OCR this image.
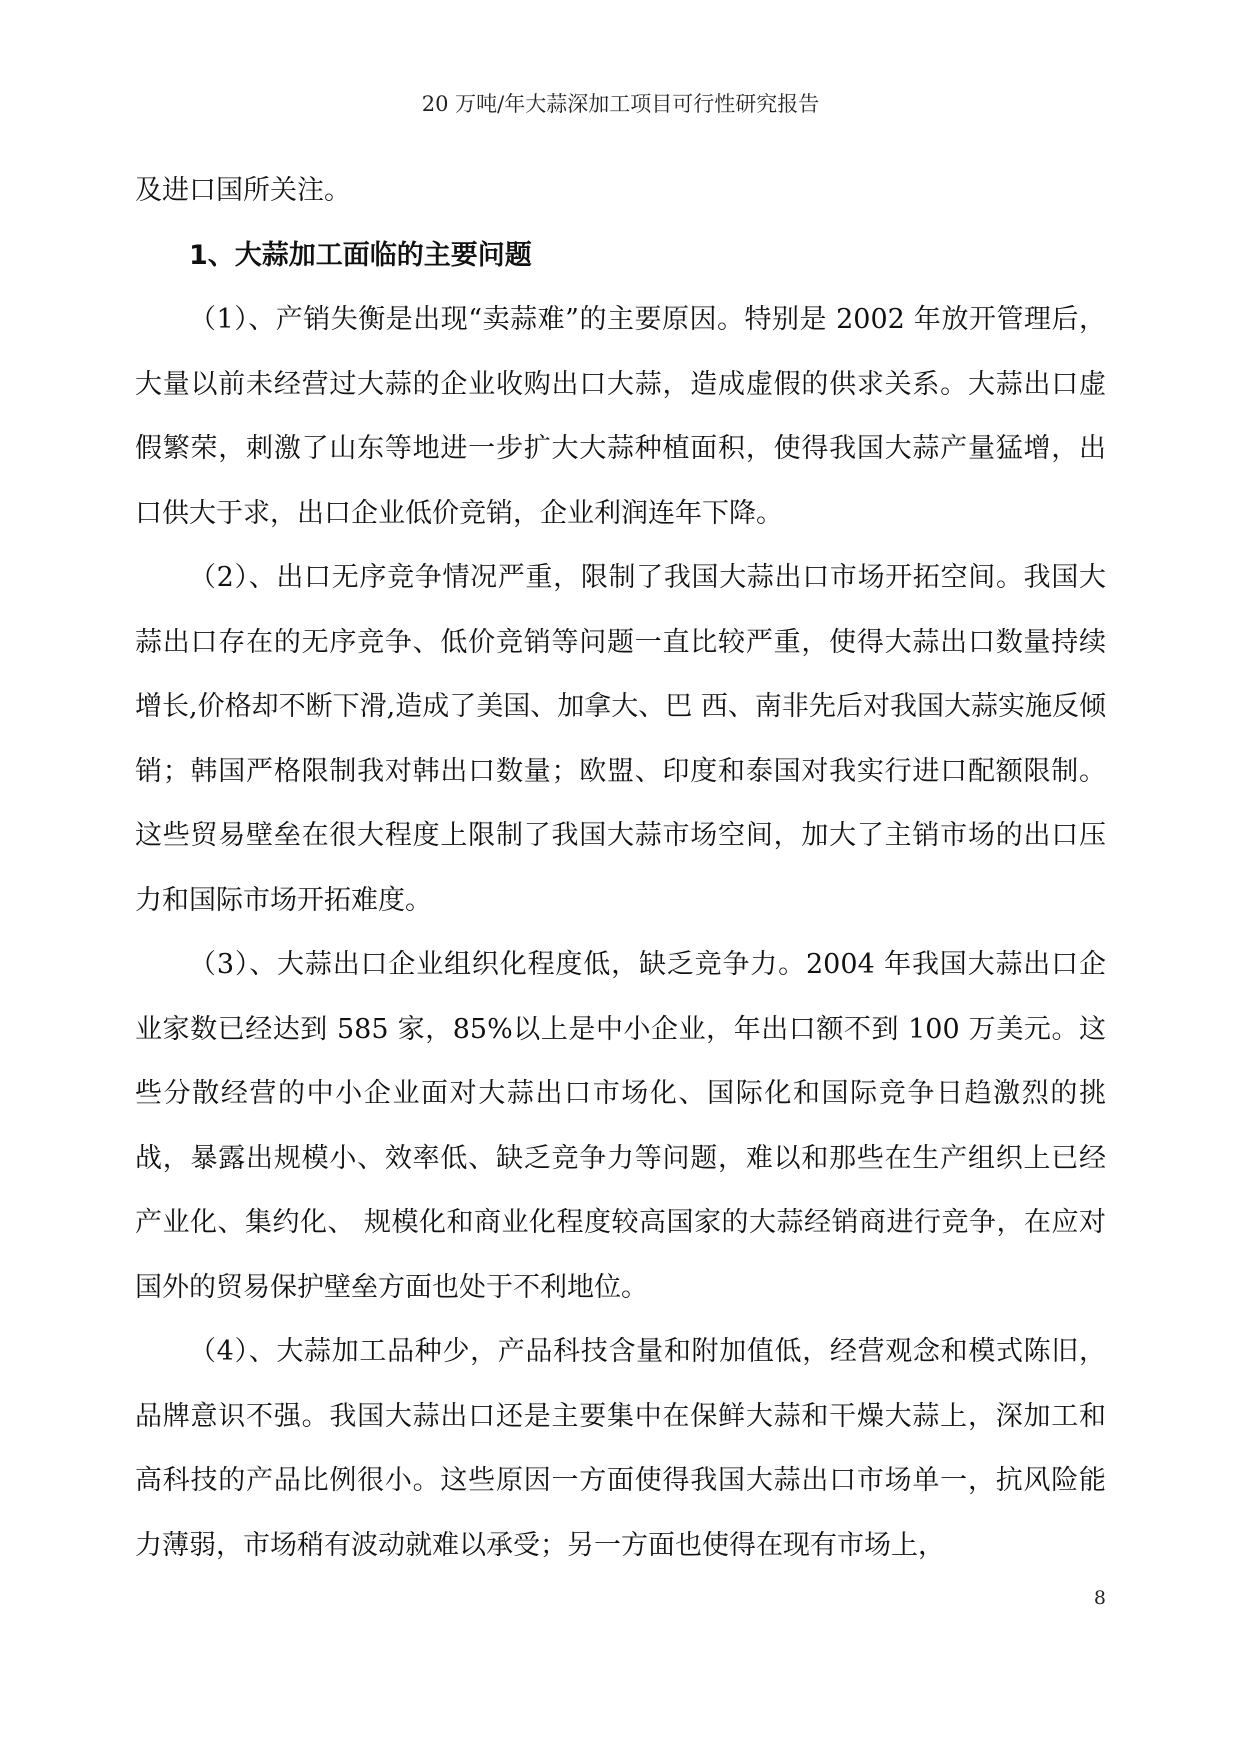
20 万吨/年大蒜深加工项目可行性研究报告

及进口国所关注。

1、大蒜加工面临的主要问题

（1）、产销失衡是出现“卖蒜难”的主要原因。特别是 2002 年放开管理后，大量以前未经营过大蒜的企业收购出口大蒜，造成虚假的供求关系。大蒜出口虚假繁荣，刺激了山东等地进一步扩大大蒜种植面积，使得我国大蒜产量猛增，出口供大于求，出口企业低价竞销，企业利润连年下降。

（2）、出口无序竞争情况严重，限制了我国大蒜出口市场开拓空间。我国大蒜出口存在的无序竞争、低价竞销等问题一直比较严重，使得大蒜出口数量持续增长,价格却不断下滑,造成了美国、加拿大、巴 西、南非先后对我国大蒜实施反倾销；韩国严格限制我对韩出口数量；欧盟、印度和泰国对我实行进口配额限制。这些贸易壁垒在很大程度上限制了我国大蒜市场空间，加大了主销市场的出口压力和国际市场开拓难度。

（3）、大蒜出口企业组织化程度低，缺乏竞争力。2004 年我国大蒜出口企业家数已经达到 585 家，85%以上是中小企业，年出口额不到 100 万美元。这些分散经营的中小企业面对大蒜出口市场化、国际化和国际竞争日趋激烈的挑战，暴露出规模小、效率低、缺乏竞争力等问题，难以和那些在生产组织上已经产业化、集约化、 规模化和商业化程度较高国家的大蒜经销商进行竞争，在应对国外的贸易保护壁垒方面也处于不利地位。

（4）、大蒜加工品种少，产品科技含量和附加值低，经营观念和模式陈旧，品牌意识不强。我国大蒜出口还是主要集中在保鲜大蒜和干燥大蒜上，深加工和高科技的产品比例很小。这些原因一方面使得我国大蒜出口市场单一，抗风险能力薄弱，市场稍有波动就难以承受；另一方面也使得在现有市场上，

8
